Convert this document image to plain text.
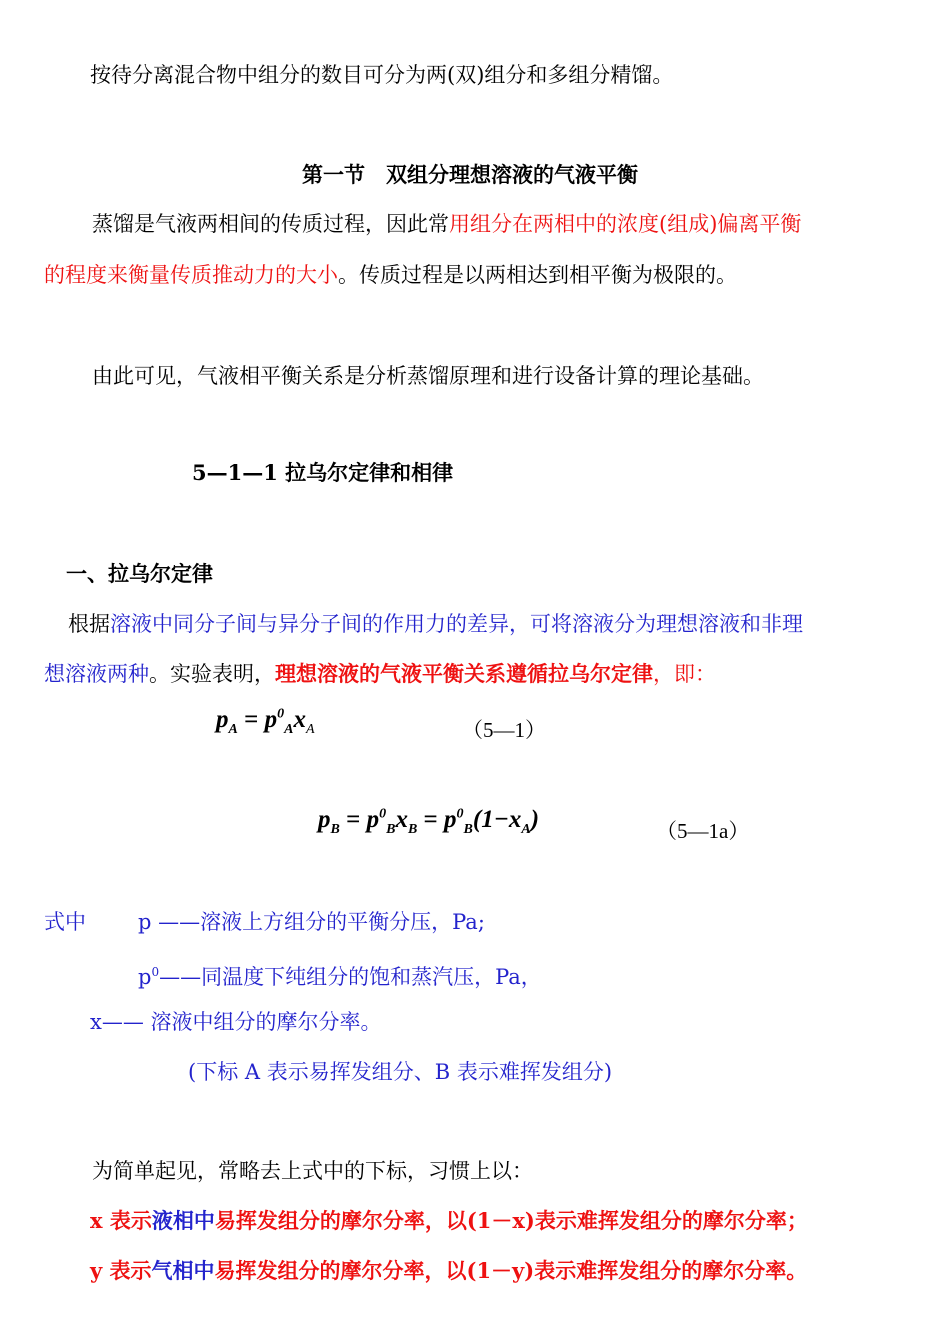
按待分离混合物中组分的数目可分为两(双)组分和多组分精馏。
第一节　双组分理想溶液的气液平衡
蒸馏是气液两相间的传质过程，因此常用组分在两相中的浓度(组成)偏离平衡
的程度来衡量传质推动力的大小。传质过程是以两相达到相平衡为极限的。
由此可见，气液相平衡关系是分析蒸馏原理和进行设备计算的理论基础。
5—1—1 拉乌尔定律和相律
一、拉乌尔定律
根据溶液中同分子间与异分子间的作用力的差异，可将溶液分为理想溶液和非理
想溶液两种。实验表明，理想溶液的气液平衡关系遵循拉乌尔定律，即：
$p_A = p^0_Ax_A$	（5—1）
$p_B = p^0_Bx_B = p^0_B(1-x_A)$	（5—1a）
式中 p ——溶液上方组分的平衡分压，Pa;
$p^0——$同温度下纯组分的饱和蒸汽压，Pa，
x—— 溶液中组分的摩尔分率。
(下标 A 表示易挥发组分、B 表示难挥发组分)
为简单起见，常略去上式中的下标，习惯上以：
x 表示液相中易挥发组分的摩尔分率，以(1－x)表示难挥发组分的摩尔分率；
y 表示气相中易挥发组分的摩尔分率，以(1－y)表示难挥发组分的摩尔分率。
